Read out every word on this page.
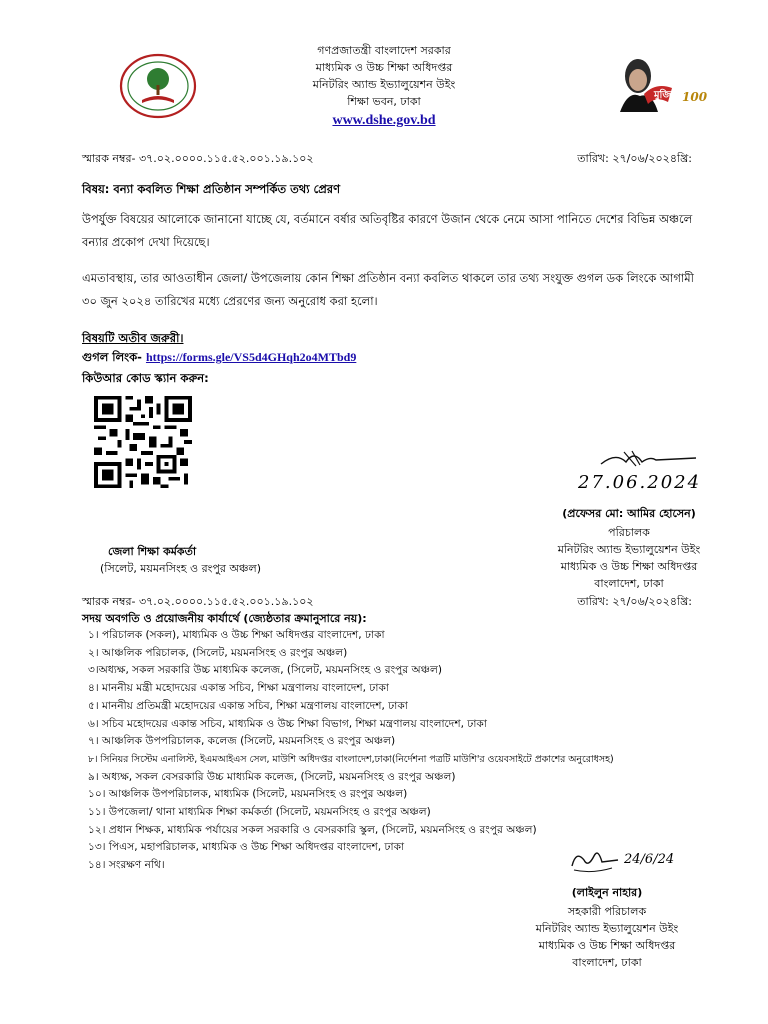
গণপ্রজাতন্ত্রী বাংলাদেশ সরকার
মাধ্যমিক ও উচ্চ শিক্ষা অধিদপ্তর
মনিটরিং অ্যান্ড ইভ্যালুয়েশন উইং
শিক্ষা ভবন, ঢাকা
www.dshe.gov.bd
মুজিব 100
স্মারক নম্বর- ৩৭.০২.০০০০.১১৫.৫২.০০১.১৯.১০২	তারিখ: ২৭/০৬/২০২৪খ্রি:
বিষয়: বন্যা কবলিত শিক্ষা প্রতিষ্ঠান সম্পর্কিত তথ্য প্রেরণ
উপর্যুক্ত বিষয়ের আলোকে জানানো যাচ্ছে যে, বর্তমানে বর্ষার অতিবৃষ্টির কারণে উজান থেকে নেমে আসা পানিতে দেশের বিভিন্ন অঞ্চলে
বন্যার প্রকোপ দেখা দিয়েছে।
এমতাবস্থায়, তার আওতাধীন জেলা/ উপজেলায় কোন শিক্ষা প্রতিষ্ঠান বন্যা কবলিত থাকলে তার তথ্য সংযুক্ত গুগল ডক লিংকে আগামী
৩০ জুন ২০২৪ তারিখের মধ্যে প্রেরণের জন্য অনুরোধ করা হলো।
বিষয়টি অতীব জরুরী।
গুগল লিংক- https://forms.gle/VS5d4GHqh2o4MTbd9
কিউআর কোড স্ক্যান করুন:
27.06.2024
(প্রফেসর মো: আমির হোসেন)
পরিচালক
মনিটরিং অ্যান্ড ইভ্যালুয়েশন উইং
মাধ্যমিক ও উচ্চ শিক্ষা অধিদপ্তর
বাংলাদেশ, ঢাকা
জেলা শিক্ষা কর্মকর্তা
(সিলেট, ময়মনসিংহ ও রংপুর অঞ্চল)
স্মারক নম্বর- ৩৭.০২.০০০০.১১৫.৫২.০০১.১৯.১০২	তারিখ: ২৭/০৬/২০২৪খ্রি:
সদয় অবগতি ও প্রয়োজনীয় কার্যার্থে (জ্যেষ্ঠতার ক্রমানুসারে নয়):
১। পরিচালক (সকল), মাধ্যমিক ও উচ্চ শিক্ষা অধিদপ্তর বাংলাদেশ, ঢাকা
২। আঞ্চলিক পরিচালক, (সিলেট, ময়মনসিংহ ও রংপুর অঞ্চল)
৩।অধ্যক্ষ, সকল সরকারি উচ্চ মাধ্যমিক কলেজ, (সিলেট, ময়মনসিংহ ও রংপুর অঞ্চল)
৪। মাননীয় মন্ত্রী মহোদয়ের একান্ত সচিব, শিক্ষা মন্ত্রণালয় বাংলাদেশ, ঢাকা
৫। মাননীয় প্রতিমন্ত্রী মহোদয়ের একান্ত সচিব, শিক্ষা মন্ত্রণালয় বাংলাদেশ, ঢাকা
৬। সচিব মহোদয়ের একান্ত সচিব, মাধ্যমিক ও উচ্চ শিক্ষা বিভাগ, শিক্ষা মন্ত্রণালয় বাংলাদেশ, ঢাকা
৭। আঞ্চলিক উপপরিচালক, কলেজ (সিলেট, ময়মনসিংহ ও রংপুর অঞ্চল)
৮। সিনিয়র সিস্টেম এনালিস্ট, ইএমআইএস সেল, মাউশি অধিদপ্তর বাংলাদেশ,ঢাকা(নির্দেশনা পত্রটি মাউশি'র ওয়েবসাইটে প্রকাশের অনুরোধসহ)
৯। অধ্যক্ষ, সকল বেসরকারি উচ্চ মাধ্যমিক কলেজ, (সিলেট, ময়মনসিংহ ও রংপুর অঞ্চল)
১০। আঞ্চলিক উপপরিচালক, মাধ্যমিক (সিলেট, ময়মনসিংহ ও রংপুর অঞ্চল)
১১। উপজেলা/ থানা মাধ্যমিক শিক্ষা কর্মকর্তা (সিলেট, ময়মনসিংহ ও রংপুর অঞ্চল)
১২। প্রধান শিক্ষক, মাধ্যমিক পর্যায়ের সকল সরকারি ও বেসরকারি স্কুল, (সিলেট, ময়মনসিংহ ও রংপুর অঞ্চল)
১৩। পিএস, মহাপরিচালক, মাধ্যমিক ও উচ্চ শিক্ষা অধিদপ্তর বাংলাদেশ, ঢাকা
১৪। সংরক্ষণ নথি।	24/6/24
(লাইলুন নাহার)
সহকারী পরিচালক
মনিটরিং অ্যান্ড ইভ্যালুয়েশন উইং
মাধ্যমিক ও উচ্চ শিক্ষা অধিদপ্তর
বাংলাদেশ, ঢাকা
